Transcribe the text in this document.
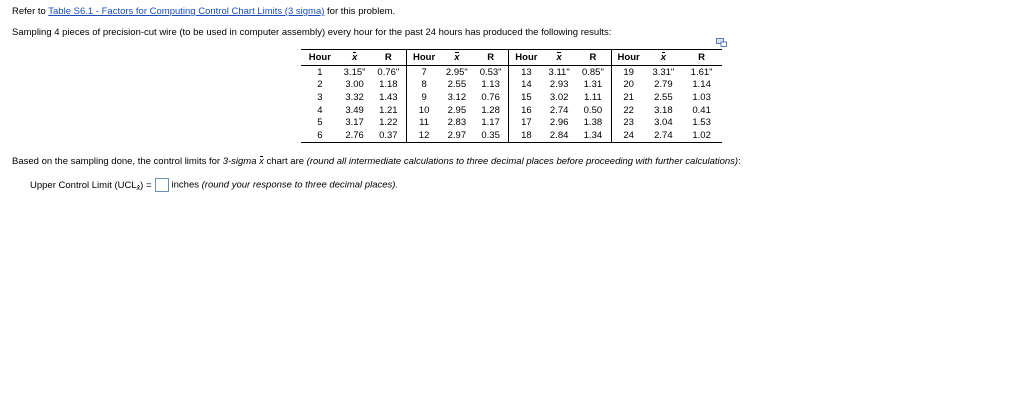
Refer to Table S6.1 - Factors for Computing Control Chart Limits (3 sigma) for this problem.
Sampling 4 pieces of precision-cut wire (to be used in computer assembly) every hour for the past 24 hours has produced the following results:
Hour	x	R	Hour	x	R	Hour	x	R	Hour	x	R
1	3.15"	0.76"	7	2.95"	0.53"	13	3.11"	0.85"	19	3.31"	1.61"
2	3.00	1.18	8	2.55	1.13	14	2.93	1.31	20	2.79	1.14
3	3.32	1.43	9	3.12	0.76	15	3.02	1.11	21	2.55	1.03
4	3.49	1.21	10	2.95	1.28	16	2.74	0.50	22	3.18	0.41
5	3.17	1.22	11	2.83	1.17	17	2.96	1.38	23	3.04	1.53
6	2.76	0.37	12	2.97	0.35	18	2.84	1.34	24	2.74	1.02
Based on the sampling done, the control limits for 3-sigma x chart are (round all intermediate calculations to three decimal places before proceeding with further calculations):
Upper Control Limit $(UCL_x)$ = inches (round your response to three decimal places).
